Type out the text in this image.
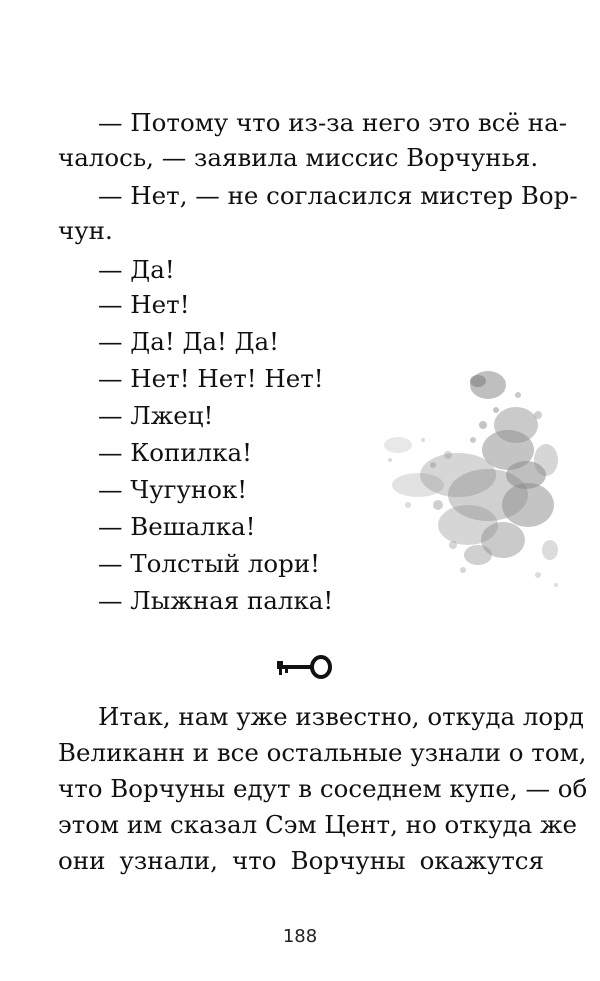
— Потому что из-за него это всё на-
чалось, — заявила миссис Ворчунья.
— Нет, — не согласился мистер Вор-
чун.
— Да!
— Нет!
— Да! Да! Да!
— Нет! Нет! Нет!
— Лжец!
— Копилка!
— Чугунок!
— Вешалка!
— Толстый лори!
— Лыжная палка!
Итак, нам уже известно, откуда лорд
Великанн и все остальные узнали о том,
что Ворчуны едут в соседнем купе, — об
этом им сказал Сэм Цент, но откуда же
они узнали, что Ворчуны окажутся
188
